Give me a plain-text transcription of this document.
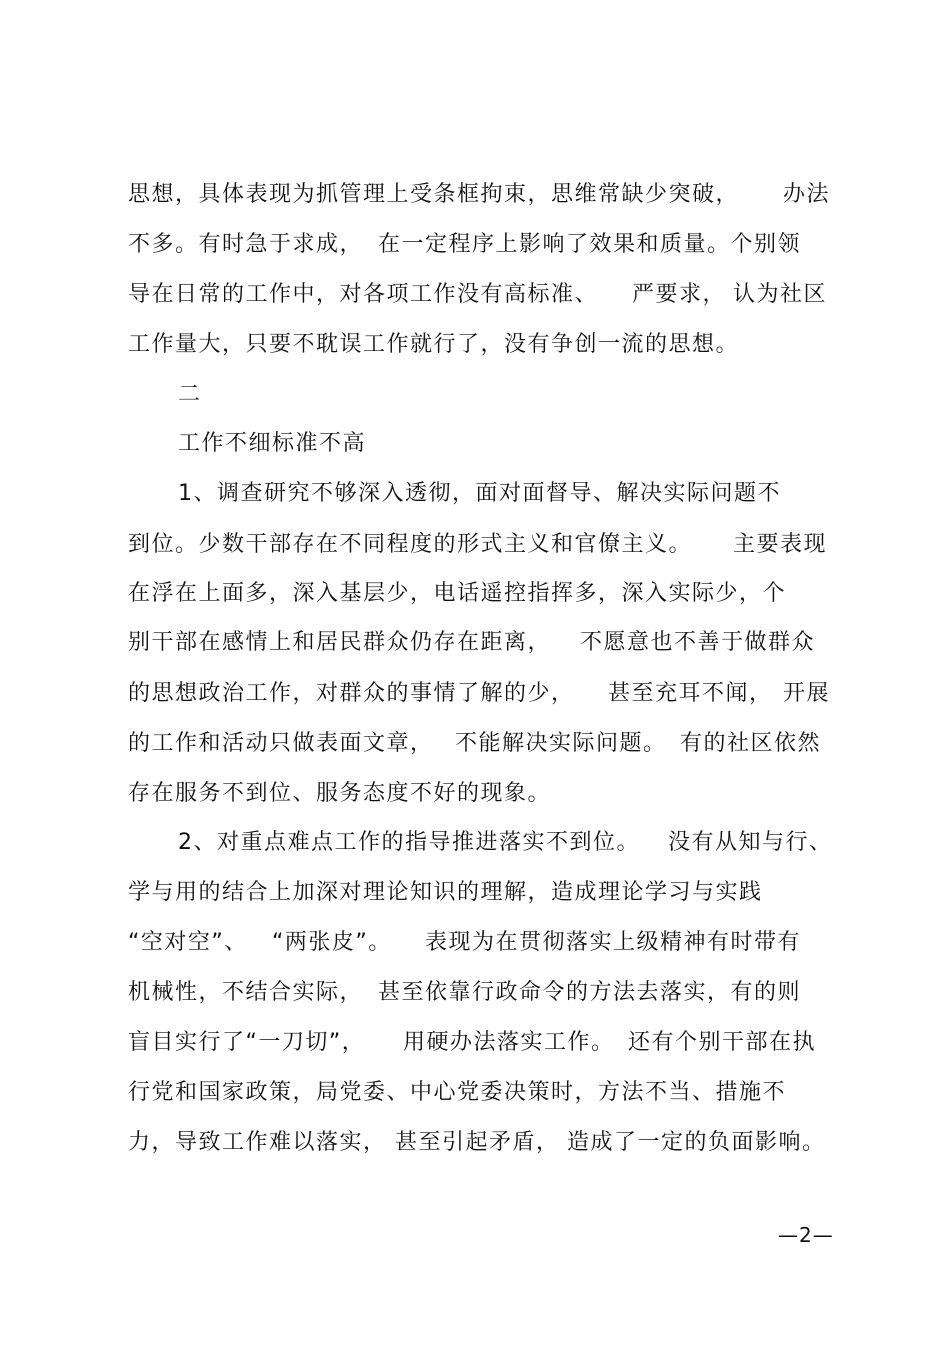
思想，具体表现为抓管理上受条框拘束，思维常缺少突破， 办法
不多。有时急于求成， 在一定程序上影响了效果和质量。个别领
导在日常的工作中，对各项工作没有高标准、 严要求， 认为社区
工作量大，只要不耽误工作就行了，没有争创一流的思想。
二
工作不细标准不高
1、调查研究不够深入透彻，面对面督导、解决实际问题不
到位。少数干部存在不同程度的形式主义和官僚主义。 主要表现
在浮在上面多，深入基层少，电话遥控指挥多，深入实际少，个
别干部在感情上和居民群众仍存在距离， 不愿意也不善于做群众
的思想政治工作，对群众的事情了解的少， 甚至充耳不闻， 开展
的工作和活动只做表面文章， 不能解决实际问题。 有的社区依然
存在服务不到位、服务态度不好的现象。
2、对重点难点工作的指导推进落实不到位。 没有从知与行、
学与用的结合上加深对理论知识的理解，造成理论学习与实践
“空对空”、 “两张皮”。 表现为在贯彻落实上级精神有时带有
机械性，不结合实际， 甚至依靠行政命令的方法去落实，有的则
盲目实行了“一刀切”， 用硬办法落实工作。 还有个别干部在执
行党和国家政策，局党委、中心党委决策时，方法不当、措施不
力，导致工作难以落实， 甚至引起矛盾， 造成了一定的负面影响。
—2—
